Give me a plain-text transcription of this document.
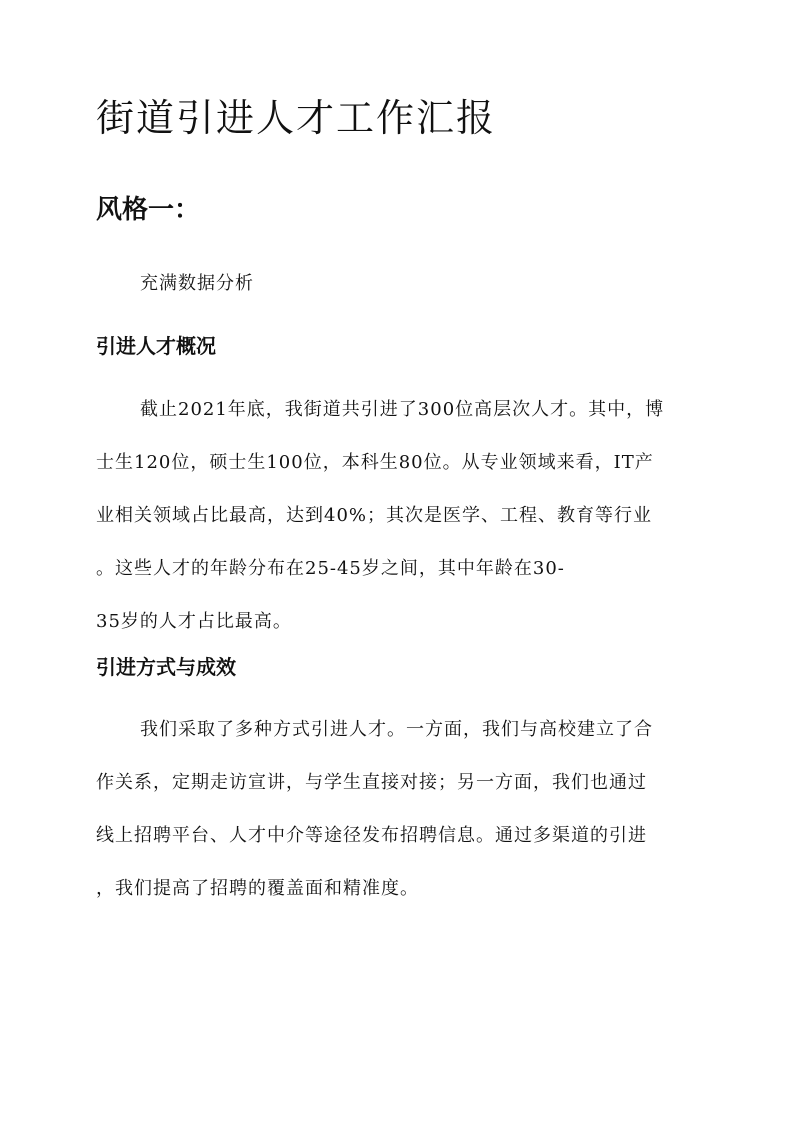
街道引进人才工作汇报
风格一：

充满数据分析

引进人才概况
截止2021年底，我街道共引进了300位高层次人才。其中，博
士生120位，硕士生100位，本科生80位。从专业领域来看，IT产
业相关领域占比最高，达到40%；其次是医学、工程、教育等行业
。这些人才的年龄分布在25-45岁之间，其中年龄在30-
35岁的人才占比最高。
引进方式与成效
我们采取了多种方式引进人才。一方面，我们与高校建立了合
作关系，定期走访宣讲，与学生直接对接；另一方面，我们也通过
线上招聘平台、人才中介等途径发布招聘信息。通过多渠道的引进
，我们提高了招聘的覆盖面和精准度。
